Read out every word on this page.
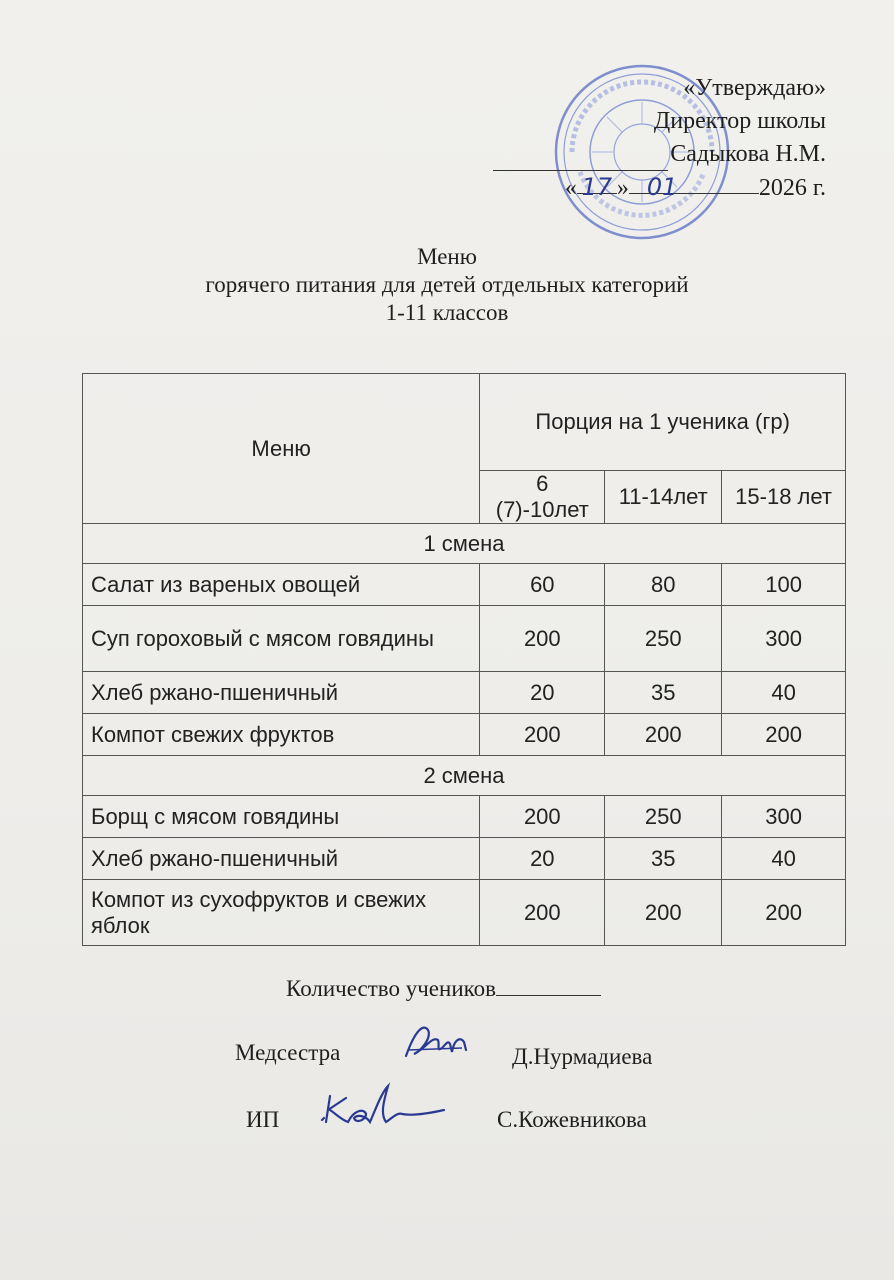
«Утверждаю»
Директор школы
Садыкова Н.М.
« 17 » 01	2026 г.
Меню
горячего питания для детей отдельных категорий
1-11 классов
Меню	Порция на 1 ученика (гр)		
	6 (7)-10лет	11-14лет	15-18 лет
1 смена			
Салат из вареных овощей	60	80	100
Суп гороховый с мясом говядины	200	250	300
Хлеб ржано-пшеничный	20	35	40
Компот свежих фруктов	200	200	200
2 смена			
Борщ с мясом говядины	200	250	300
Хлеб ржано-пшеничный	20	35	40
Компот из сухофруктов и свежих яблок	200	200	200
Количество учеников
Медсестра	Д.Нурмадиева
ИП	С.Кожевникова
